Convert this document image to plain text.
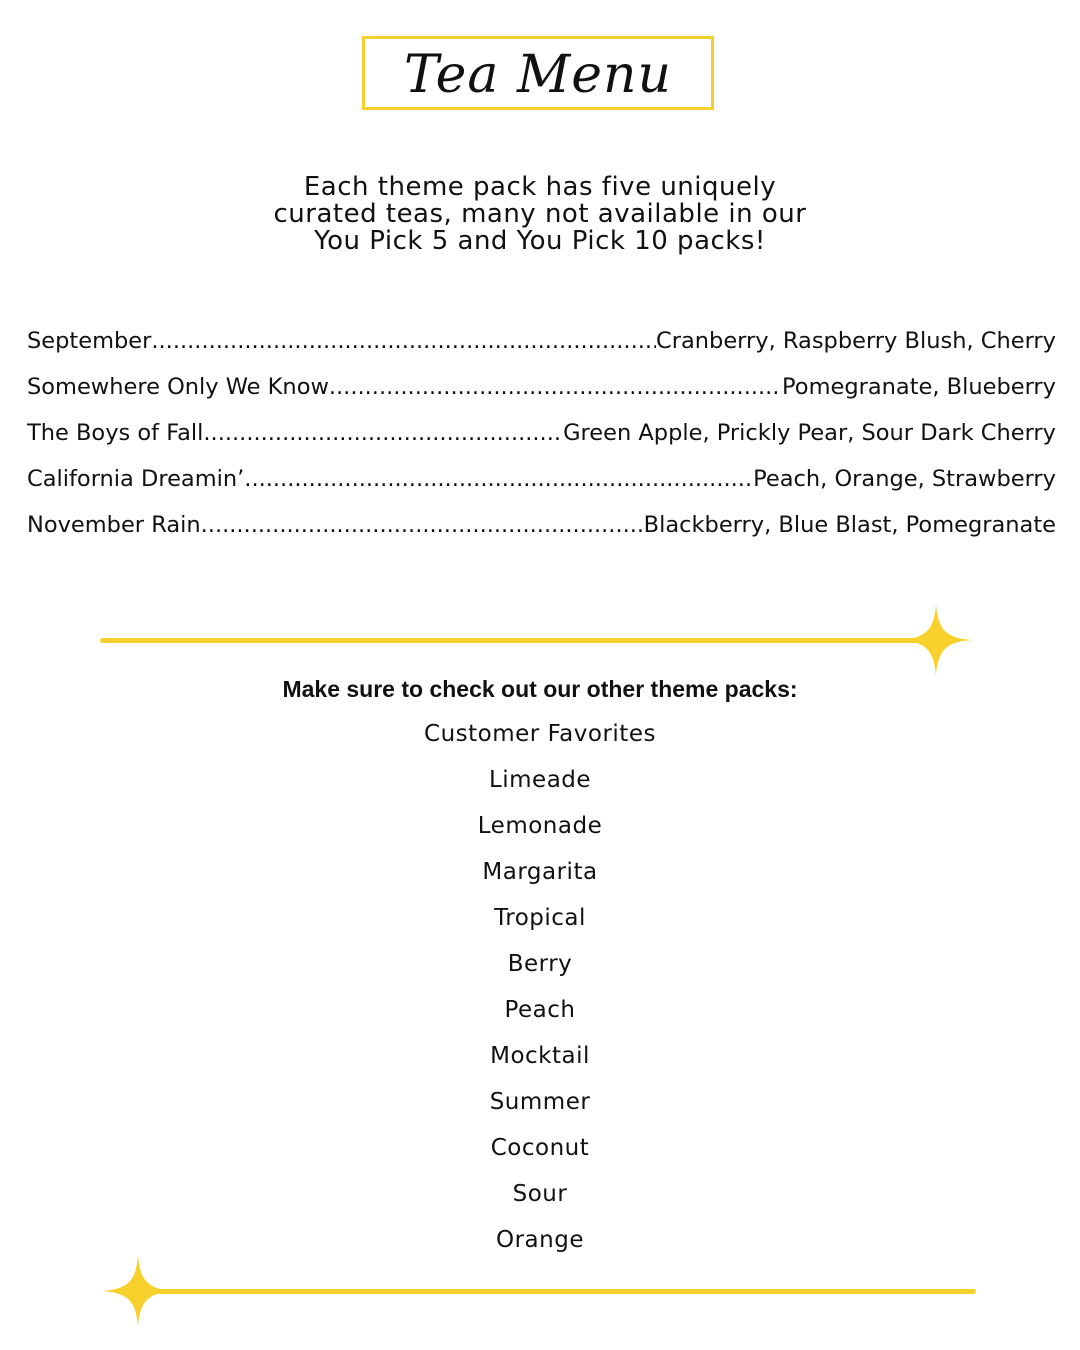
Tea Menu
Each theme pack has five uniquely
curated teas, many not available in our
You Pick 5 and You Pick 10 packs!
September .....	Cranberry, Raspberry Blush, Cherry
Somewhere Only We Know .....	Pomegranate, Blueberry
The Boys of Fall .....	Green Apple, Prickly Pear, Sour Dark Cherry
California Dreamin’ .....	Peach, Orange, Strawberry
November Rain .....	Blackberry, Blue Blast, Pomegranate
Make sure to check out our other theme packs:
Customer Favorites
Limeade
Lemonade
Margarita
Tropical
Berry
Peach
Mocktail
Summer
Coconut
Sour
Orange
